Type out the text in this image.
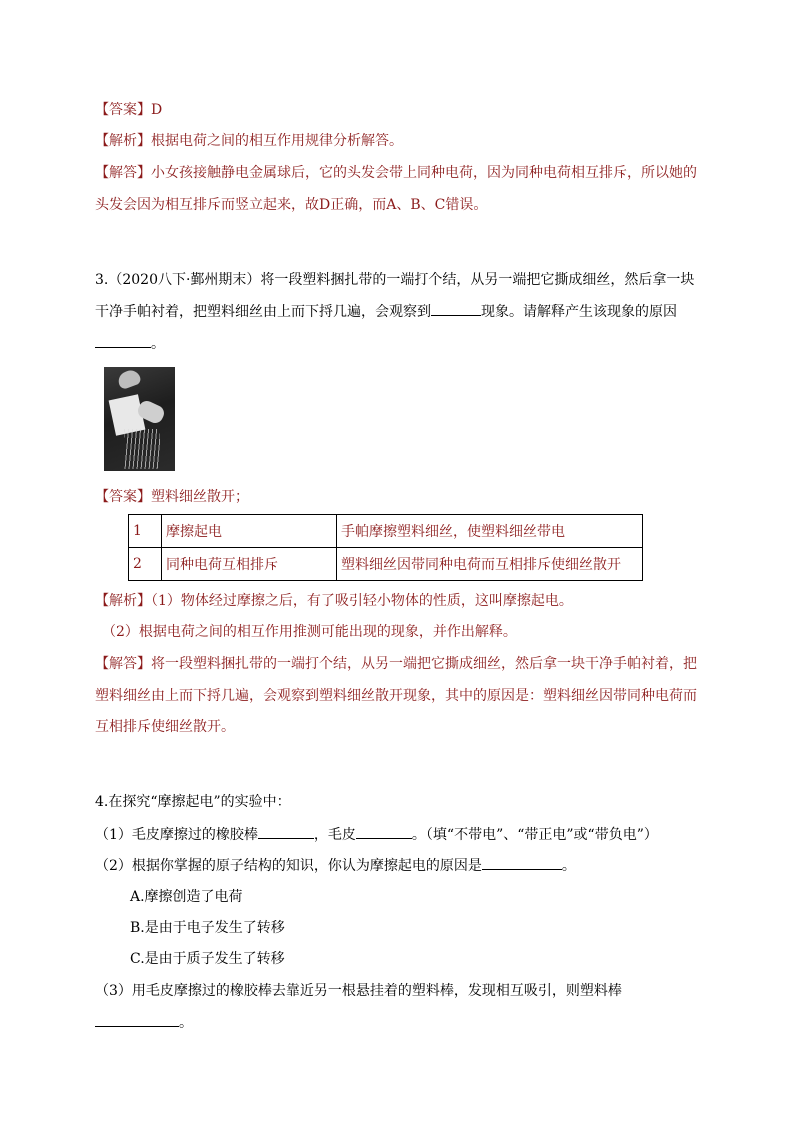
【答案】D
【解析】根据电荷之间的相互作用规律分析解答。
【解答】小女孩接触静电金属球后，它的头发会带上同种电荷，因为同种电荷相互排斥，所以她的
头发会因为相互排斥而竖立起来，故D正确，而A、B、C错误。
3.（2020八下·鄞州期末）将一段塑料捆扎带的一端打个结，从另一端把它撕成细丝，然后拿一块
干净手帕衬着，把塑料细丝由上而下捋几遍，会观察到	现象。请解释产生该现象的原因
。
【答案】塑料细丝散开；
1	摩擦起电	手帕摩擦塑料细丝，使塑料细丝带电
2	同种电荷互相排斥	塑料细丝因带同种电荷而互相排斥使细丝散开
【解析】（1）物体经过摩擦之后，有了吸引轻小物体的性质，这叫摩擦起电。
（2）根据电荷之间的相互作用推测可能出现的现象，并作出解释。
【解答】将一段塑料捆扎带的一端打个结，从另一端把它撕成细丝，然后拿一块干净手帕衬着，把
塑料细丝由上而下捋几遍，会观察到塑料细丝散开现象，其中的原因是：塑料细丝因带同种电荷而
互相排斥使细丝散开。
4.在探究“摩擦起电”的实验中：
（1）毛皮摩擦过的橡胶棒	，毛皮	。（填“不带电”、“带正电”或“带负电”）
（2）根据你掌握的原子结构的知识，你认为摩擦起电的原因是	。
A.摩擦创造了电荷
B.是由于电子发生了转移
C.是由于质子发生了转移
（3）用毛皮摩擦过的橡胶棒去靠近另一根悬挂着的塑料棒，发现相互吸引，则塑料棒
。
